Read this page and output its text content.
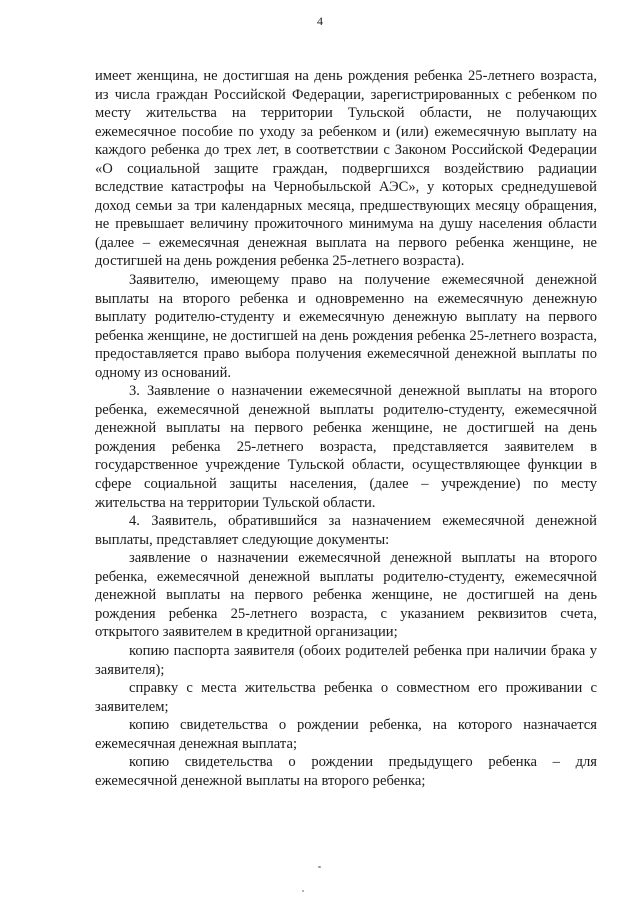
4

имеет женщина, не достигшая на день рождения ребенка 25-летнего возраста, из числа граждан Российской Федерации, зарегистрированных с ребенком по месту жительства на территории Тульской области, не получающих ежемесячное пособие по уходу за ребенком и (или) ежемесячную выплату на каждого ребенка до трех лет, в соответствии с Законом Российской Федерации «О социальной защите граждан, подвергшихся воздействию радиации вследствие катастрофы на Чернобыльской АЭС», у которых среднедушевой доход семьи за три календарных месяца, предшествующих месяцу обращения, не превышает величину прожиточного минимума на душу населения области (далее – ежемесячная денежная выплата на первого ребенка женщине, не достигшей на день рождения ребенка 25-летнего возраста).

Заявителю, имеющему право на получение ежемесячной денежной выплаты на второго ребенка и одновременно на ежемесячную денежную выплату родителю-студенту и ежемесячную денежную выплату на первого ребенка женщине, не достигшей на день рождения ребенка 25-летнего возраста, предоставляется право выбора получения ежемесячной денежной выплаты по одному из оснований.

3. Заявление о назначении ежемесячной денежной выплаты на второго ребенка, ежемесячной денежной выплаты родителю-студенту, ежемесячной денежной выплаты на первого ребенка женщине, не достигшей на день рождения ребенка 25-летнего возраста, представляется заявителем в государственное учреждение Тульской области, осуществляющее функции в сфере социальной защиты населения, (далее – учреждение) по месту жительства на территории Тульской области.

4. Заявитель, обратившийся за назначением ежемесячной денежной выплаты, представляет следующие документы:

заявление о назначении ежемесячной денежной выплаты на второго ребенка, ежемесячной денежной выплаты родителю-студенту, ежемесячной денежной выплаты на первого ребенка женщине, не достигшей на день рождения ребенка 25-летнего возраста, с указанием реквизитов счета, открытого заявителем в кредитной организации;

копию паспорта заявителя (обоих родителей ребенка при наличии брака у заявителя);

справку с места жительства ребенка о совместном его проживании с заявителем;

копию свидетельства о рождении ребенка, на которого назначается ежемесячная денежная выплата;

копию свидетельства о рождении предыдущего ребенка – для ежемесячной денежной выплаты на второго ребенка;
